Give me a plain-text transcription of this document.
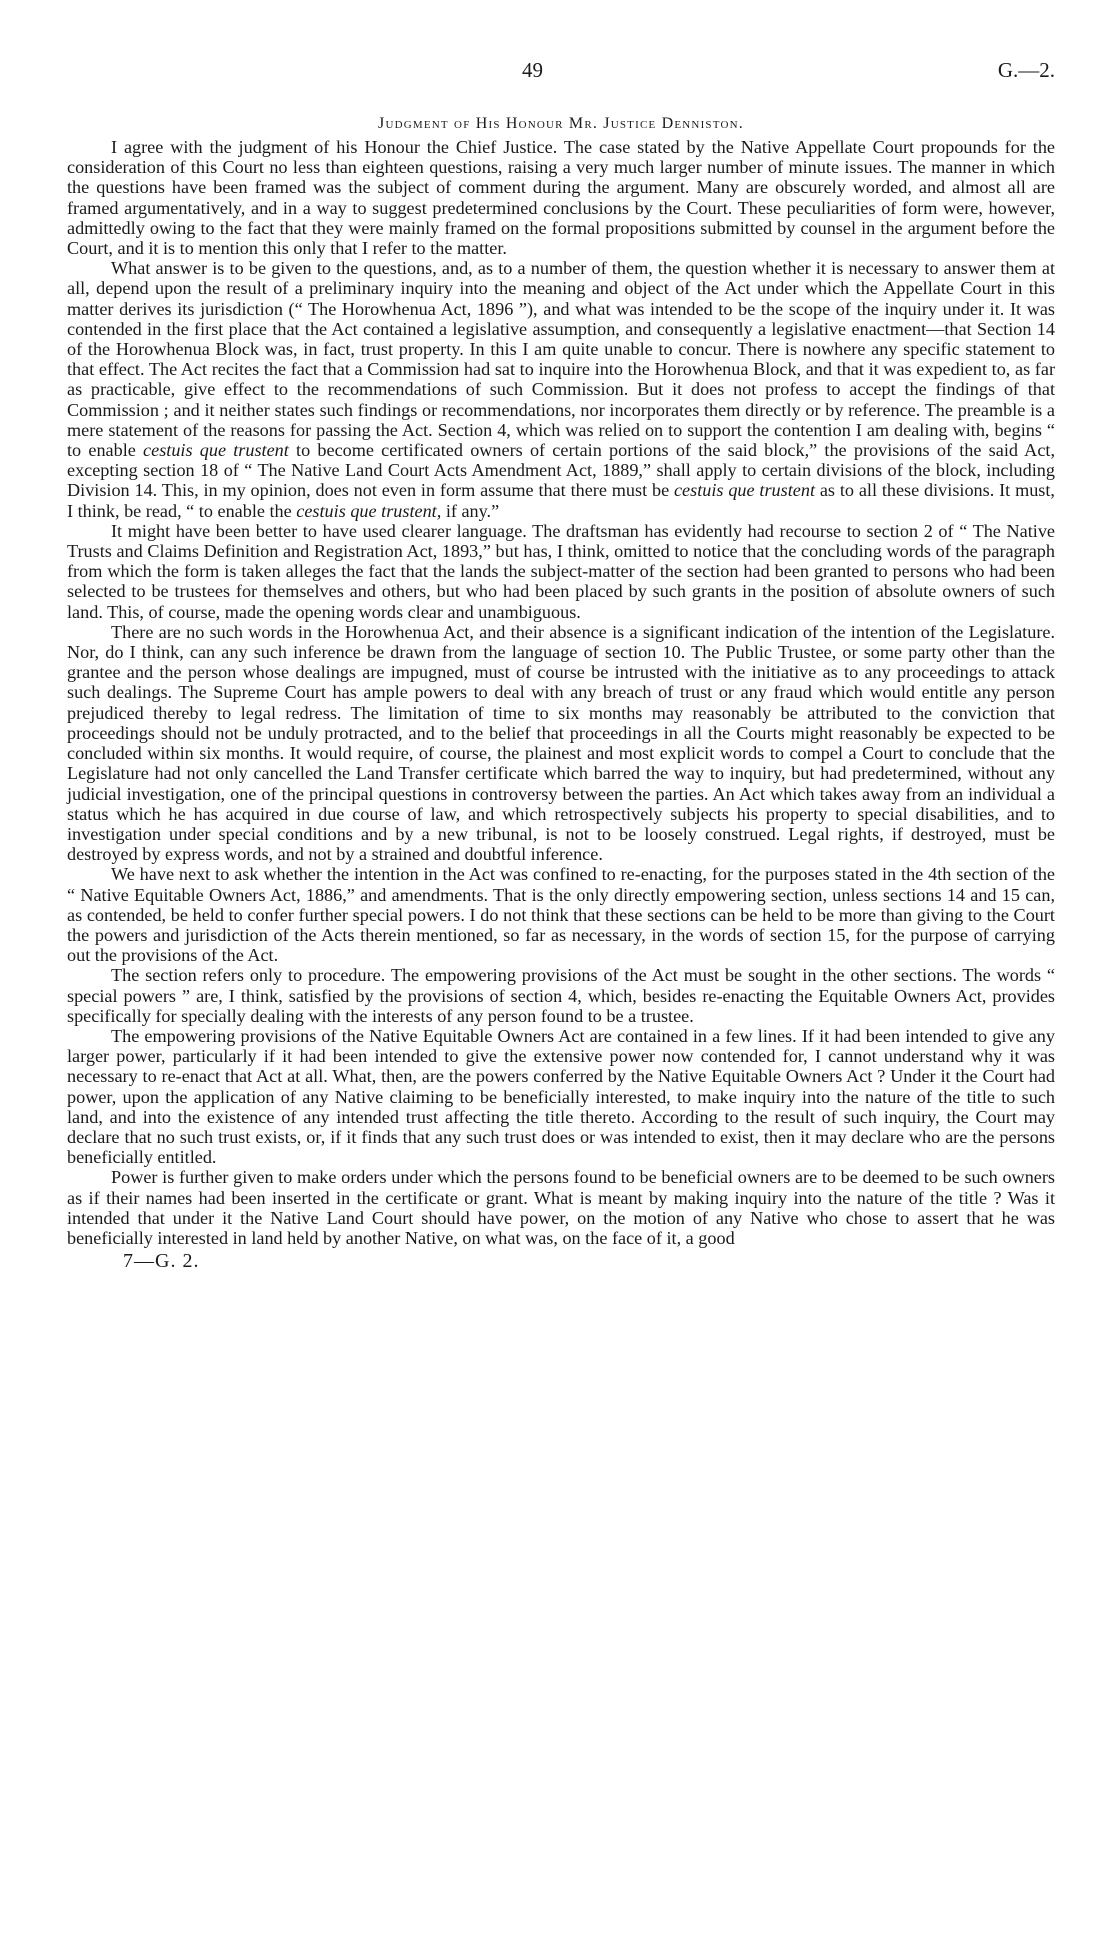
49	G.—2.
Judgment of His Honour Mr. Justice Denniston.

I agree with the judgment of his Honour the Chief Justice. The case stated by the Native Appellate Court propounds for the consideration of this Court no less than eighteen questions, raising a very much larger number of minute issues. The manner in which the questions have been framed was the subject of comment during the argument. Many are obscurely worded, and almost all are framed argumentatively, and in a way to suggest predetermined conclusions by the Court. These peculiarities of form were, however, admittedly owing to the fact that they were mainly framed on the formal propositions submitted by counsel in the argument before the Court, and it is to mention this only that I refer to the matter.

What answer is to be given to the questions, and, as to a number of them, the question whether it is necessary to answer them at all, depend upon the result of a preliminary inquiry into the meaning and object of the Act under which the Appellate Court in this matter derives its jurisdiction (“ The Horowhenua Act, 1896 ”), and what was intended to be the scope of the inquiry under it. It was contended in the first place that the Act contained a legislative assumption, and consequently a legislative enactment—that Section 14 of the Horowhenua Block was, in fact, trust property. In this I am quite unable to concur. There is nowhere any specific statement to that effect. The Act recites the fact that a Commission had sat to inquire into the Horowhenua Block, and that it was expedient to, as far as practicable, give effect to the recommendations of such Commission. But it does not profess to accept the findings of that Commission ; and it neither states such findings or recommendations, nor incorporates them directly or by reference. The preamble is a mere statement of the reasons for passing the Act. Section 4, which was relied on to support the contention I am dealing with, begins “ to enable cestuis que trustent to become certificated owners of certain portions of the said block,” the provisions of the said Act, excepting section 18 of “ The Native Land Court Acts Amendment Act, 1889,” shall apply to certain divisions of the block, including Division 14. This, in my opinion, does not even in form assume that there must be cestuis que trustent as to all these divisions. It must, I think, be read, “ to enable the cestuis que trustent, if any.”

It might have been better to have used clearer language. The draftsman has evidently had recourse to section 2 of “ The Native Trusts and Claims Definition and Registration Act, 1893,” but has, I think, omitted to notice that the concluding words of the paragraph from which the form is taken alleges the fact that the lands the subject-matter of the section had been granted to persons who had been selected to be trustees for themselves and others, but who had been placed by such grants in the position of absolute owners of such land. This, of course, made the opening words clear and unambiguous.

There are no such words in the Horowhenua Act, and their absence is a significant indication of the intention of the Legislature. Nor, do I think, can any such inference be drawn from the language of section 10. The Public Trustee, or some party other than the grantee and the person whose dealings are impugned, must of course be intrusted with the initiative as to any proceedings to attack such dealings. The Supreme Court has ample powers to deal with any breach of trust or any fraud which would entitle any person prejudiced thereby to legal redress. The limitation of time to six months may reasonably be attributed to the conviction that proceedings should not be unduly protracted, and to the belief that proceedings in all the Courts might reasonably be expected to be concluded within six months. It would require, of course, the plainest and most explicit words to compel a Court to conclude that the Legislature had not only cancelled the Land Transfer certificate which barred the way to inquiry, but had predetermined, without any judicial investigation, one of the principal questions in controversy between the parties. An Act which takes away from an individual a status which he has acquired in due course of law, and which retrospectively subjects his property to special disabilities, and to investigation under special conditions and by a new tribunal, is not to be loosely construed. Legal rights, if destroyed, must be destroyed by express words, and not by a strained and doubtful inference.

We have next to ask whether the intention in the Act was confined to re-enacting, for the purposes stated in the 4th section of the “ Native Equitable Owners Act, 1886,” and amendments. That is the only directly empowering section, unless sections 14 and 15 can, as contended, be held to confer further special powers. I do not think that these sections can be held to be more than giving to the Court the powers and jurisdiction of the Acts therein mentioned, so far as necessary, in the words of section 15, for the purpose of carrying out the provisions of the Act.

The section refers only to procedure. The empowering provisions of the Act must be sought in the other sections. The words “ special powers ” are, I think, satisfied by the provisions of section 4, which, besides re-enacting the Equitable Owners Act, provides specifically for specially dealing with the interests of any person found to be a trustee.

The empowering provisions of the Native Equitable Owners Act are contained in a few lines. If it had been intended to give any larger power, particularly if it had been intended to give the extensive power now contended for, I cannot understand why it was necessary to re-enact that Act at all. What, then, are the powers conferred by the Native Equitable Owners Act ? Under it the Court had power, upon the application of any Native claiming to be beneficially interested, to make inquiry into the nature of the title to such land, and into the existence of any intended trust affecting the title thereto. According to the result of such inquiry, the Court may declare that no such trust exists, or, if it finds that any such trust does or was intended to exist, then it may declare who are the persons beneficially entitled.

Power is further given to make orders under which the persons found to be beneficial owners are to be deemed to be such owners as if their names had been inserted in the certificate or grant. What is meant by making inquiry into the nature of the title ? Was it intended that under it the Native Land Court should have power, on the motion of any Native who chose to assert that he was beneficially interested in land held by another Native, on what was, on the face of it, a good

7—G. 2.
